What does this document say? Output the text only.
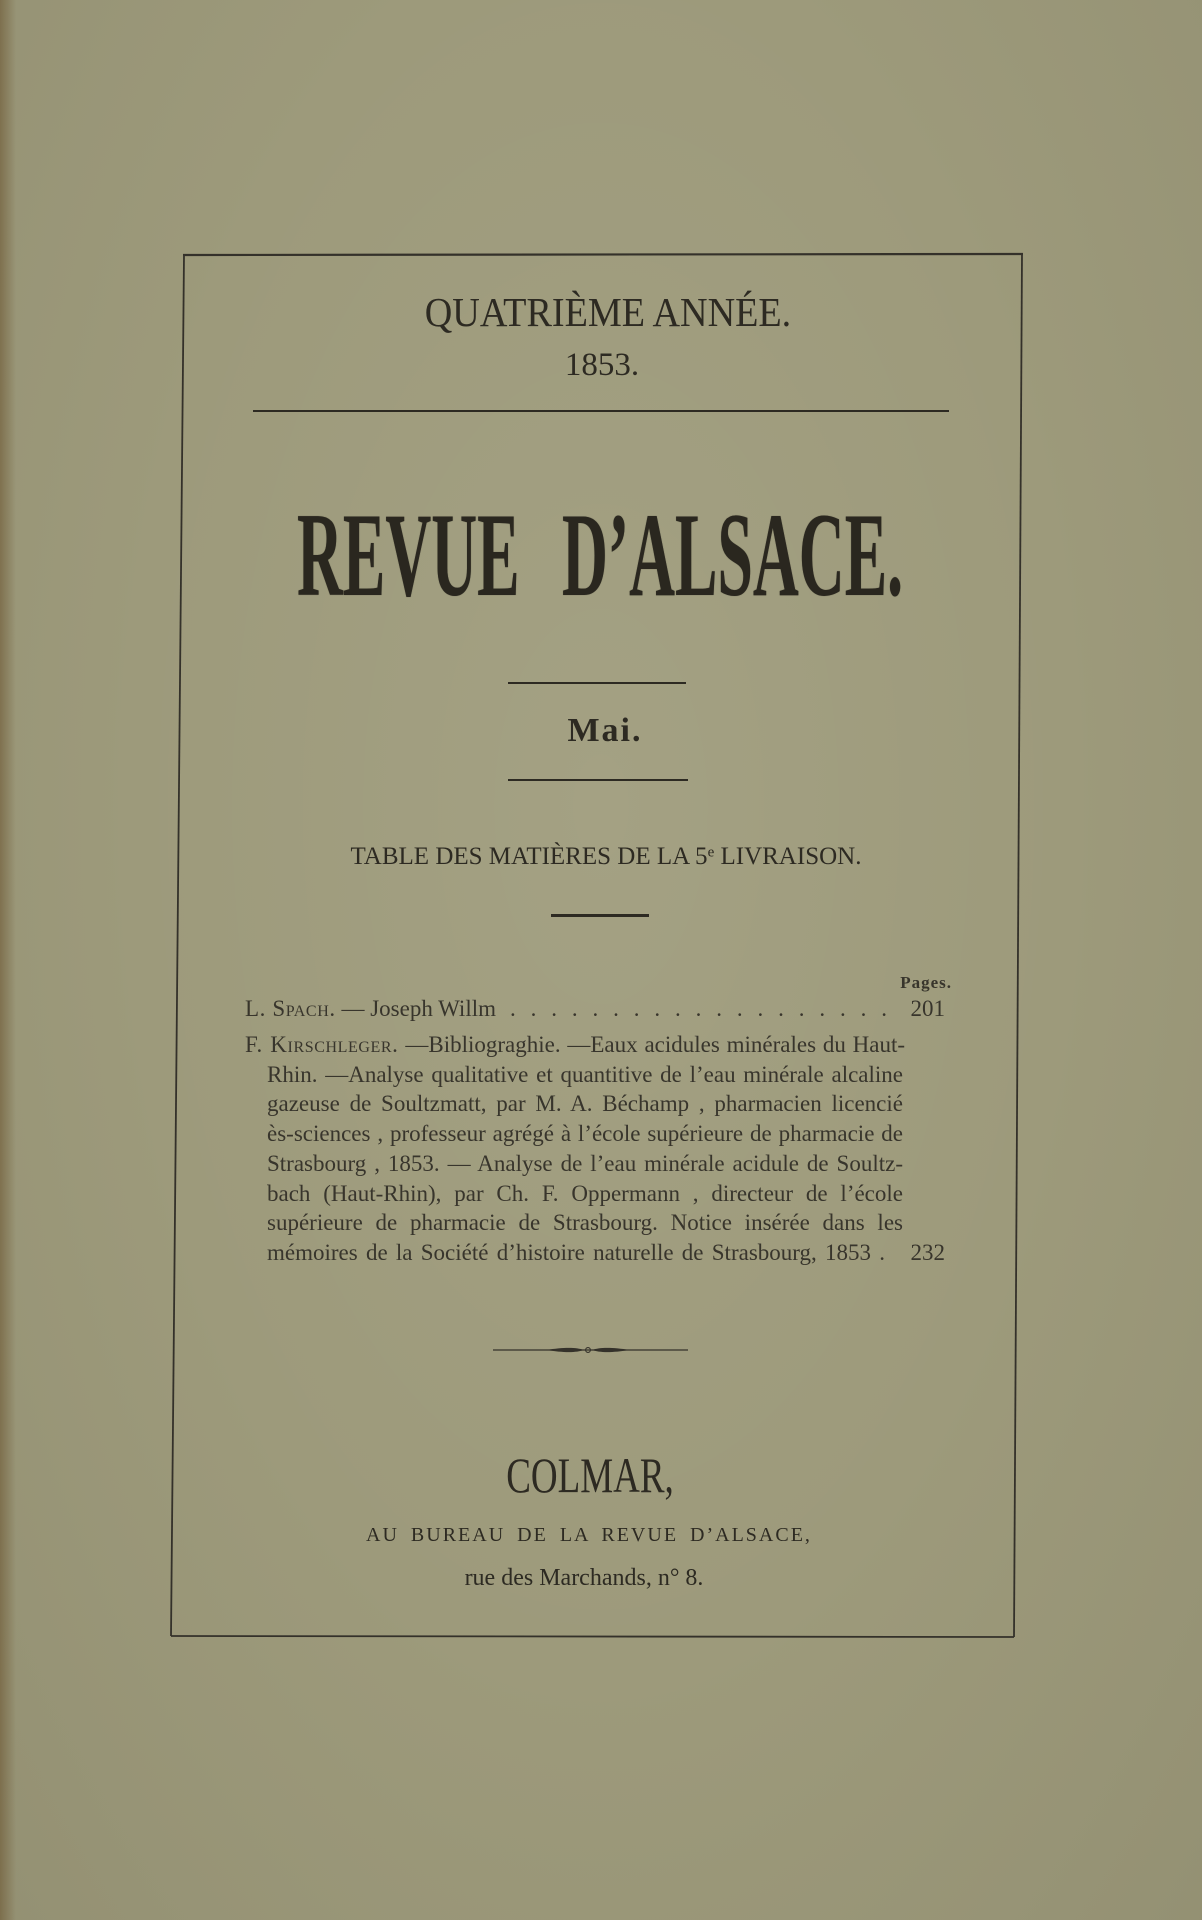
QUATRIÈME ANNÉE.
1853.
REVUE D’ALSACE.
Mai.
TABLE DES MATIÈRES DE LA 5e LIVRAISON.
Pages.
L. Spach. — Joseph Willm . . . . . . . . . . . . . . . . . . . 201
F. Kirschleger. —Bibliograghie. —Eaux acidules minérales du Haut-
Rhin. —Analyse qualitative et quantitive de l’eau minérale alcaline
gazeuse de Soultzmatt, par M. A. Béchamp , pharmacien licencié
ès-sciences , professeur agrégé à l’école supérieure de pharmacie de
Strasbourg , 1853. — Analyse de l’eau minérale acidule de Soultz-
bach (Haut-Rhin), par Ch. F. Oppermann , directeur de l’école
supérieure de pharmacie de Strasbourg. Notice insérée dans les
mémoires de la Société d’histoire naturelle de Strasbourg, 1853 .	232
COLMAR,
AU BUREAU DE LA REVUE D’ALSACE,
rue des Marchands, n° 8.
